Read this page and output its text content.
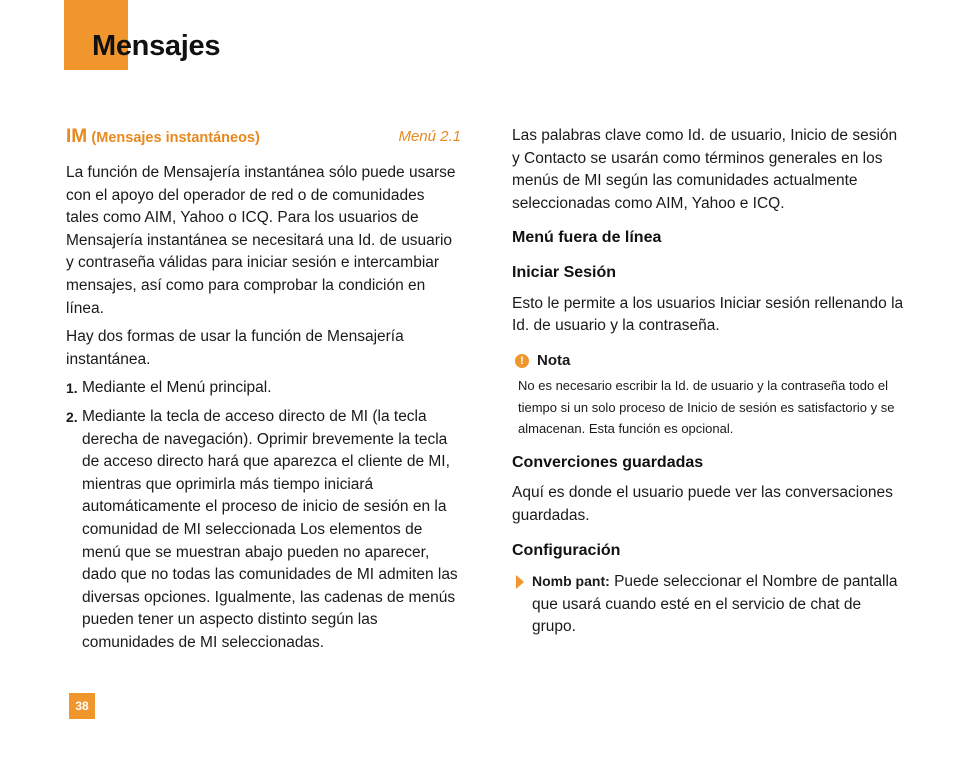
Mensajes
IM (Mensajes instantáneos)	Menú 2.1

La función de Mensajería instantánea sólo puede usarse con el apoyo del operador de red o de comunidades tales como AIM, Yahoo o ICQ. Para los usuarios de Mensajería instantánea se necesitará una Id. de usuario y contraseña válidas para iniciar sesión e intercambiar mensajes, así como para comprobar la condición en línea.

Hay dos formas de usar la función de Mensajería instantánea.

1. Mediante el Menú principal.
2. Mediante la tecla de acceso directo de MI (la tecla derecha de navegación). Oprimir brevemente la tecla de acceso directo hará que aparezca el cliente de MI, mientras que oprimirla más tiempo iniciará automáticamente el proceso de inicio de sesión en la comunidad de MI seleccionada Los elementos de menú que se muestran abajo pueden no aparecer, dado que no todas las comunidades de MI admiten las diversas opciones. Igualmente, las cadenas de menús pueden tener un aspecto distinto según las comunidades de MI seleccionadas.

Las palabras clave como Id. de usuario, Inicio de sesión y Contacto se usarán como términos generales en los menús de MI según las comunidades actualmente seleccionadas como AIM, Yahoo e ICQ.

Menú fuera de línea
Iniciar Sesión

Esto le permite a los usuarios Iniciar sesión rellenando la Id. de usuario y la contraseña.

! Nota

No es necesario escribir la Id. de usuario y la contraseña todo el tiempo si un solo proceso de Inicio de sesión es satisfactorio y se almacenan. Esta función es opcional.

Converciones guardadas

Aquí es donde el usuario puede ver las conversaciones guardadas.

Configuración
Nomb pant: Puede seleccionar el Nombre de pantalla que usará cuando esté en el servicio de chat de grupo.
38
